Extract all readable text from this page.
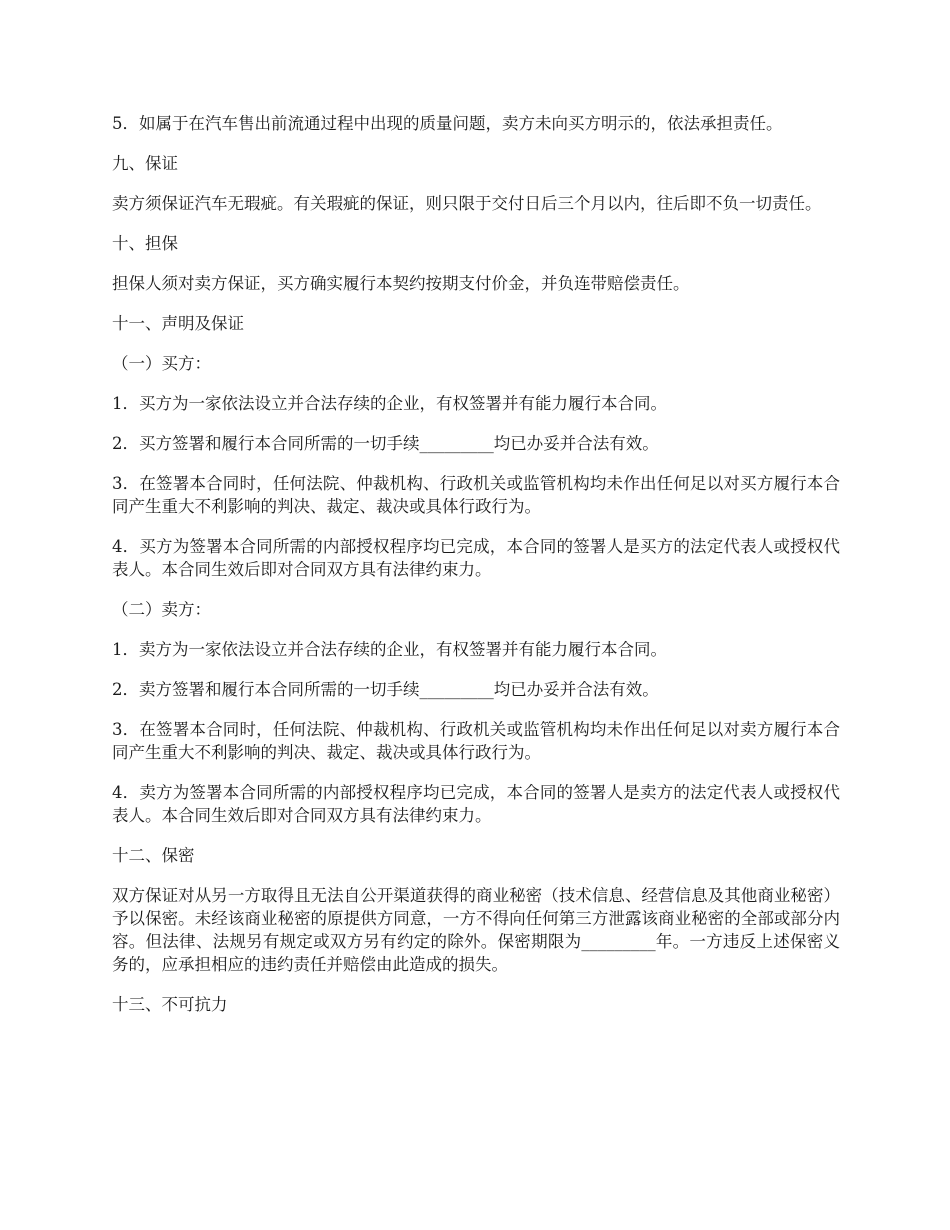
5．如属于在汽车售出前流通过程中出现的质量问题，卖方未向买方明示的，依法承担责任。

九、保证

卖方须保证汽车无瑕疵。有关瑕疵的保证，则只限于交付日后三个月以内，往后即不负一切责任。

十、担保

担保人须对卖方保证，买方确实履行本契约按期支付价金，并负连带赔偿责任。

十一、声明及保证

（一）买方：

1．买方为一家依法设立并合法存续的企业，有权签署并有能力履行本合同。

2．买方签署和履行本合同所需的一切手续_________均已办妥并合法有效。

3．在签署本合同时，任何法院、仲裁机构、行政机关或监管机构均未作出任何足以对买方履行本合同产生重大不利影响的判决、裁定、裁决或具体行政行为。

4．买方为签署本合同所需的内部授权程序均已完成，本合同的签署人是买方的法定代表人或授权代表人。本合同生效后即对合同双方具有法律约束力。

（二）卖方：

1．卖方为一家依法设立并合法存续的企业，有权签署并有能力履行本合同。

2．卖方签署和履行本合同所需的一切手续_________均已办妥并合法有效。

3．在签署本合同时，任何法院、仲裁机构、行政机关或监管机构均未作出任何足以对卖方履行本合同产生重大不利影响的判决、裁定、裁决或具体行政行为。

4．卖方为签署本合同所需的内部授权程序均已完成，本合同的签署人是卖方的法定代表人或授权代表人。本合同生效后即对合同双方具有法律约束力。

十二、保密

双方保证对从另一方取得且无法自公开渠道获得的商业秘密（技术信息、经营信息及其他商业秘密）予以保密。未经该商业秘密的原提供方同意，一方不得向任何第三方泄露该商业秘密的全部或部分内容。但法律、法规另有规定或双方另有约定的除外。保密期限为_________年。一方违反上述保密义务的，应承担相应的违约责任并赔偿由此造成的损失。

十三、不可抗力
